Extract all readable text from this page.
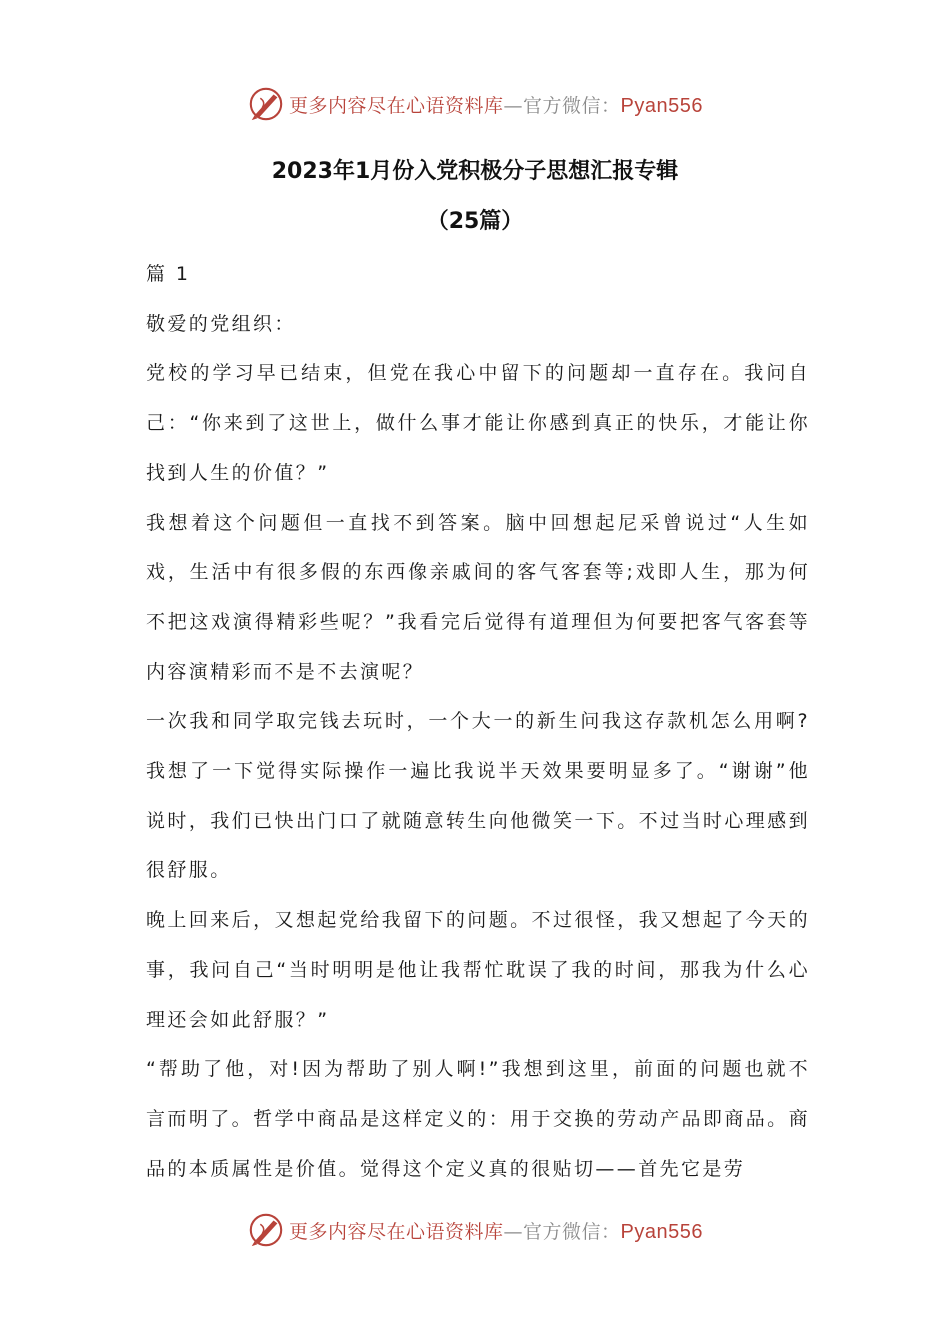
更多内容尽在心语资料库—官方微信：Pyan556
2023年1月份入党积极分子思想汇报专辑
（25篇）

篇 1

敬爱的党组织：

党校的学习早已结束，但党在我心中留下的问题却一直存在。我问自己：“你来到了这世上，做什么事才能让你感到真正的快乐，才能让你找到人生的价值？”

我想着这个问题但一直找不到答案。脑中回想起尼采曾说过“人生如戏，生活中有很多假的东西像亲戚间的客气客套等;戏即人生，那为何不把这戏演得精彩些呢？”我看完后觉得有道理但为何要把客气客套等内容演精彩而不是不去演呢？

一次我和同学取完钱去玩时，一个大一的新生问我这存款机怎么用啊?我想了一下觉得实际操作一遍比我说半天效果要明显多了。“谢谢”他说时，我们已快出门口了就随意转生向他微笑一下。不过当时心理感到很舒服。

晚上回来后，又想起党给我留下的问题。不过很怪，我又想起了今天的事，我问自己“当时明明是他让我帮忙耽误了我的时间，那我为什么心理还会如此舒服？”

“帮助了他，对!因为帮助了别人啊!”我想到这里，前面的问题也就不言而明了。哲学中商品是这样定义的：用于交换的劳动产品即商品。商品的本质属性是价值。觉得这个定义真的很贴切——首先它是劳

更多内容尽在心语资料库—官方微信：Pyan556
